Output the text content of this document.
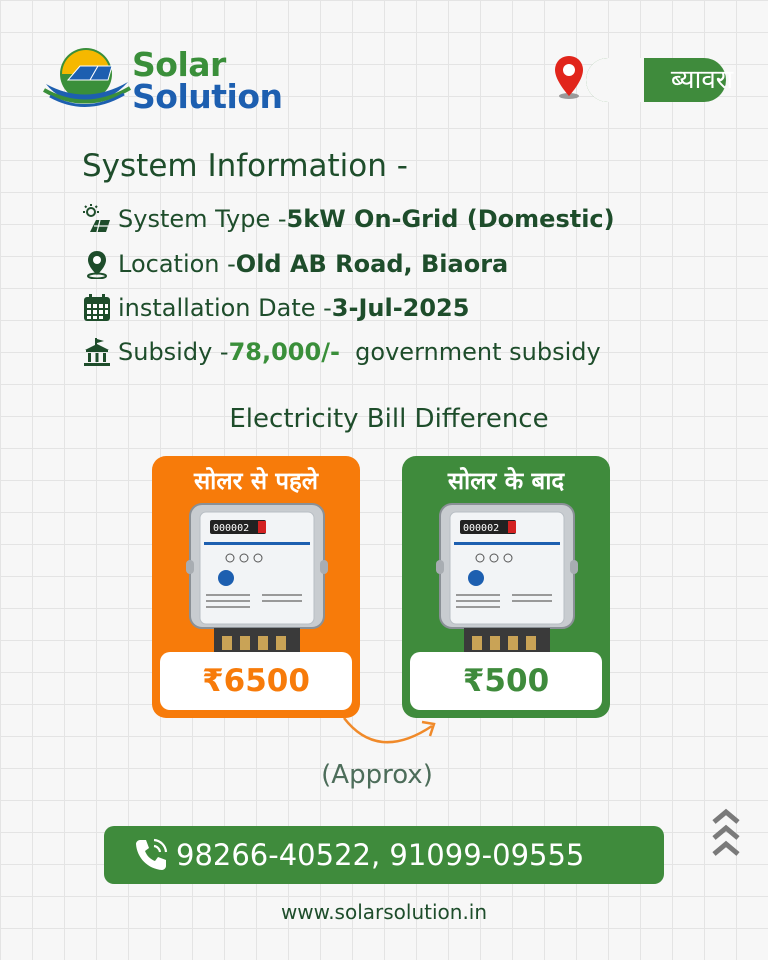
Solar
Solution	ब्यावरा
System Information -
System Type - 5kW On-Grid (Domestic)
Location - Old AB Road, Biaora
installation Date - 3-Jul-2025
Subsidy - 78,000/- government subsidy
Electricity Bill Difference
सोलर से पहले
000002
₹6500
सोलर के बाद
000002
₹500
(Approx)
98266-40522, 91099-09555
www.solarsolution.in
